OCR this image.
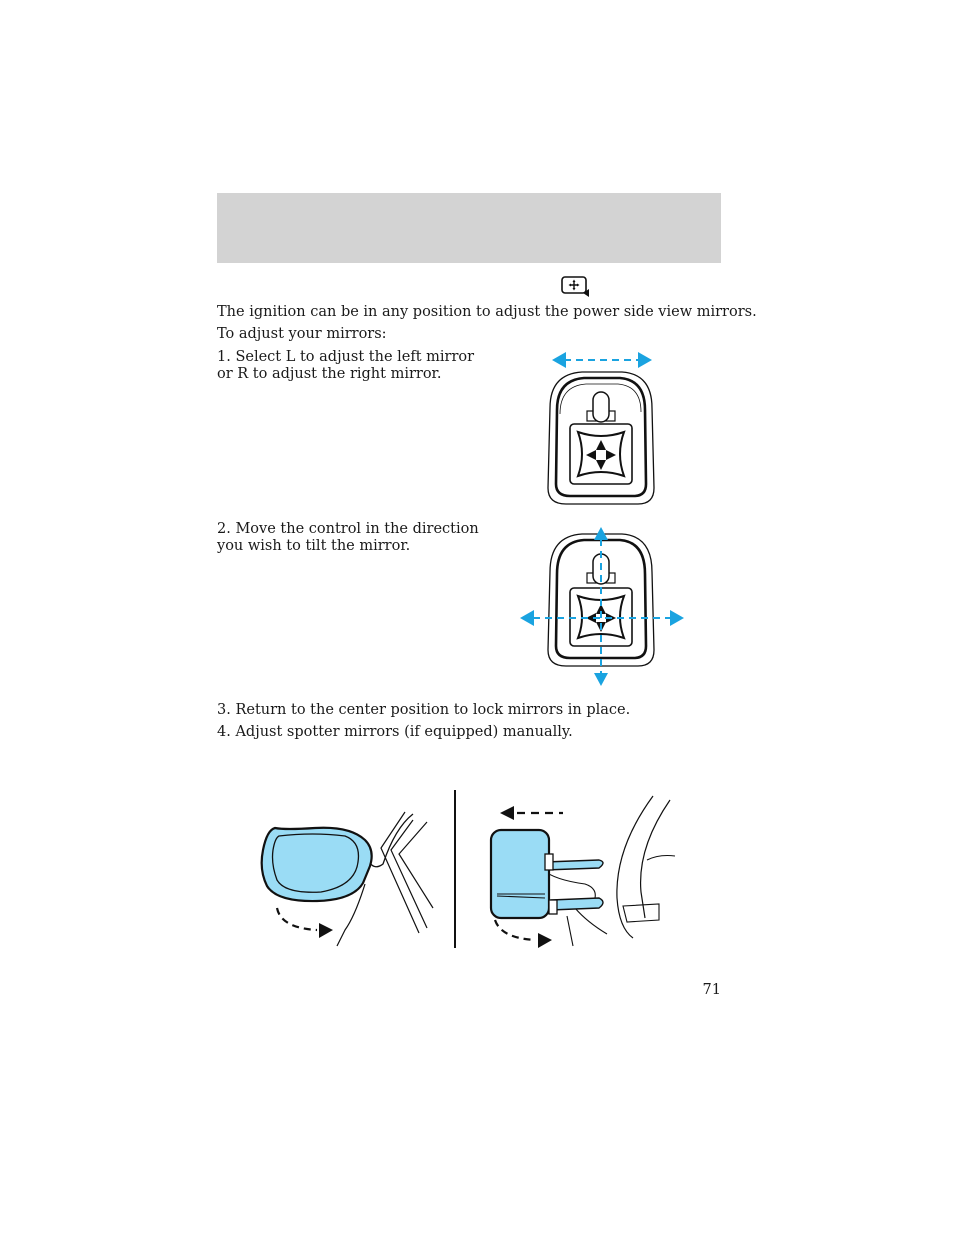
The ignition can be in any position to adjust the power side view mirrors.
To adjust your mirrors:
1. Select L to adjust the left mirror
or R to adjust the right mirror.
2. Move the control in the direction
you wish to tilt the mirror.
3. Return to the center position to lock mirrors in place.
4. Adjust spotter mirrors (if equipped) manually.
71
